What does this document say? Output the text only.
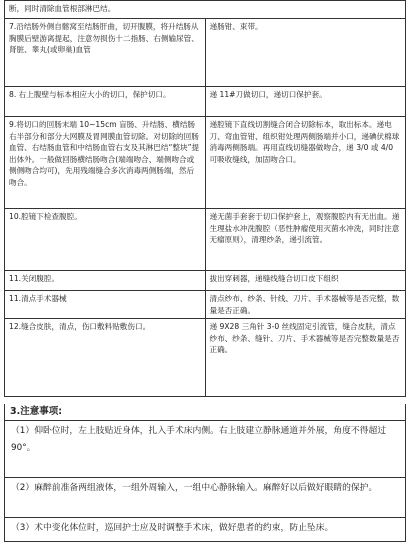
断，同时清除血管根部淋巴结。	
7.沿结肠外侧自髂窝至结肠肝曲，切开腹膜，将升结肠从胸膜后壁游离提起，注意勿损伤十二指肠、右侧输尿管、肾脏、睾丸(或卵巢)血管	递肠钳、束带。
8. 右上腹壁与标本相应大小的切口，保护切口。	递 11#刀做切口，递切口保护套。
9.将切口的回肠末端 10~15cm 盲肠、升结肠、横结肠右半部分和部分大网膜及胃网膜血管切除。对切除的回肠血管、右结肠血管和中结肠血管右支及其淋巴结“整块”提出体外。一般做回肠横结肠吻合(端端吻合、端侧吻合或侧侧吻合均可)，先用残端缝合多次消毒两侧肠端，然后吻合。	递腔镜下直线切割缝合闭合切除标本，取出标本。递电刀、弯血管钳、组织钳处理两侧肠端并小口，递碘伏棉球消毒两侧肠端。再用直线切缝器做吻合，递 3/0 或 4/0 可吸收缝线，加固吻合口。
10.腔镜下检查腹腔。	递无菌手套套于切口保护套上，观察腹腔内有无出血。递生理盐水冲洗腹腔（恶性肿瘤使用灭菌水冲洗，同时注意无瘤原则），清理纱条，递引流管。
11.关闭腹腔。	拔出穿刺器，递缝线缝合切口皮下组织
11.清点手术器械	清点纱布、纱条、针线、刀片、手术器械等是否完整，数量是否正确。
12.缝合皮肤，清点，伤口敷料贴敷伤口。	递 9X28 三角针 3-0 丝线固定引流管，缝合皮肤，清点纱布、纱条、缝针、刀片、手术器械等是否完整数量是否正确。
3.注意事项:
（1）仰卧位时，左上肢贴近身体，扎入手术床内侧。右上肢建立静脉通道并外展，角度不得超过 90°。
（2）麻醉前准备两组液体，一组外周输入，一组中心静脉输入。麻醉好以后做好眼睛的保护。
（3）术中变化体位时，巡回护士应及时调整手术床，做好患者的约束，防止坠床。
